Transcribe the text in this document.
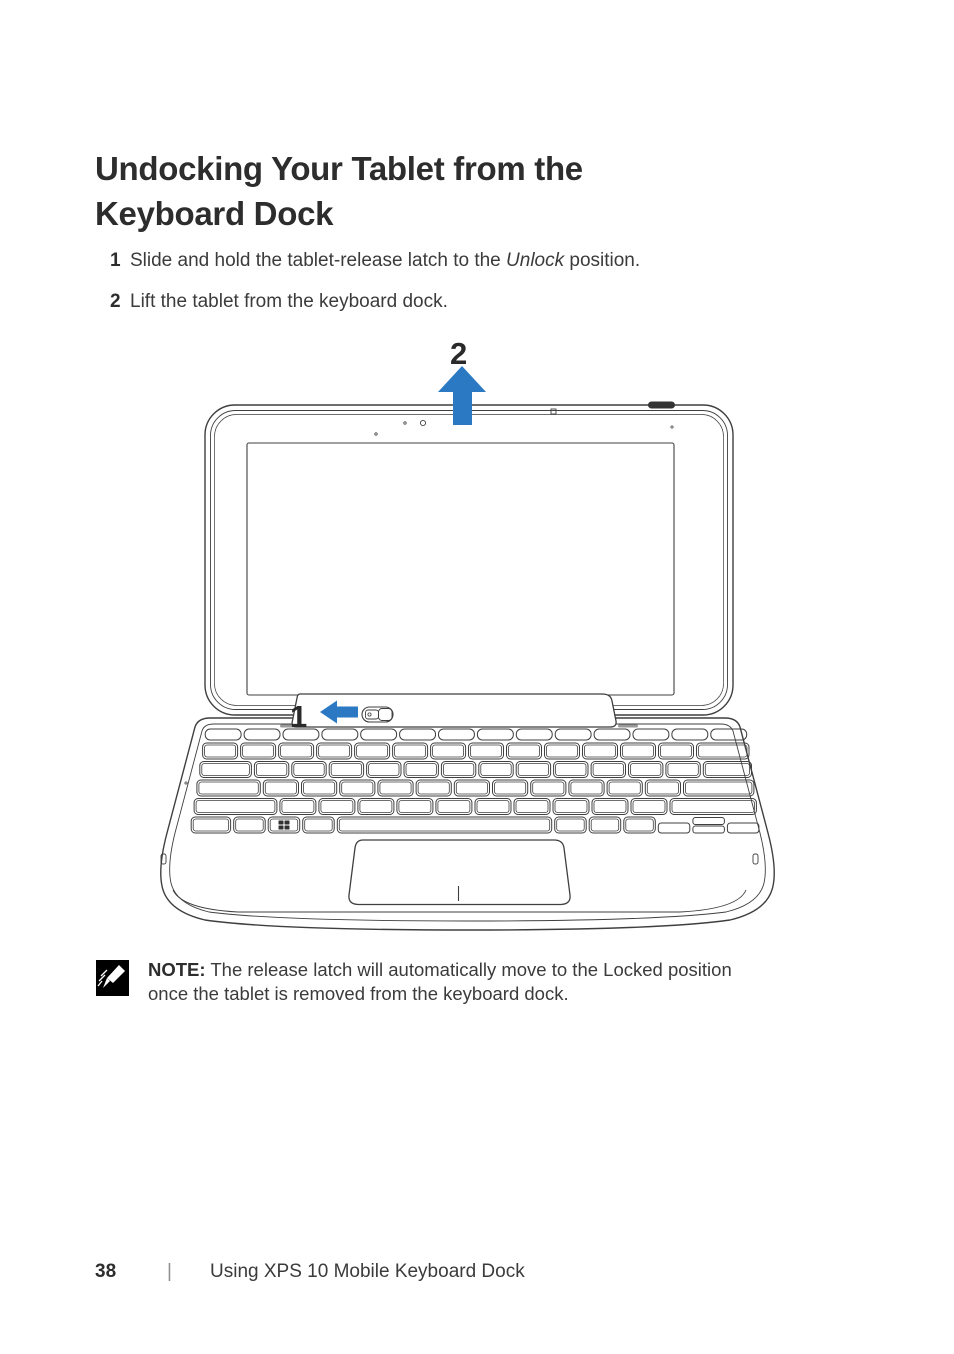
Undocking Your Tablet from the
Keyboard Dock
1 Slide and hold the tablet-release latch to the Unlock position.
2 Lift the tablet from the keyboard dock.
2
1
NOTE: The release latch will automatically move to the Locked position
once the tablet is removed from the keyboard dock.
38	|	Using XPS 10 Mobile Keyboard Dock
